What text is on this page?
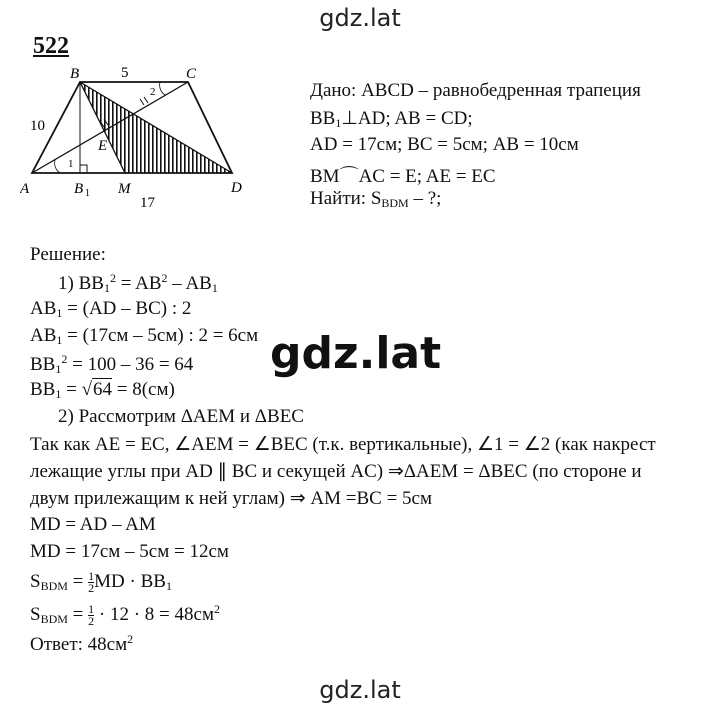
gdz.lat
522
A
B	C
D
E
M
B 1
1
2
5
10
17
Дано: ABCD – равнобедренная трапеция
$BB_1\perp AD$; AB = CD;
AD = 17см; BC = 5см; AB = 10см
BM⌒AC = E; AE = EC
Найти: $S_{BDM}$ – ?;
Решение:
1) $BB_1^2 = AB^2 - AB_1$
$AB_1 = (AD - BC)$ : 2
$AB_1 = (17см - 5см)$ : 2 = 6см
$BB_1^2 = 100 - 36 = 64$
$BB_1 = √64 = 8(см)$
gdz.lat
2) Рассмотрим ΔAEM и ΔBEC
Так как AE = EC, ∠AEM = ∠BEC (т.к. вертикальные), ∠1 = ∠2 (как накрест
лежащие углы при AD ∥ BC и секущей AC) ⇒ΔAEM = ΔBEC (по стороне и
двум прилежащим к ней углам) ⇒ AM =BC = 5см
MD = AD – AM
MD = 17см – 5см = 12см
$S_{BDM} = \frac{1}{2}MD \cdot BB_1$
$S_{BDM} = \frac{1}{2} \cdot 12 \cdot 8 = 48см^2$
Ответ: $48см^2$
gdz.lat
